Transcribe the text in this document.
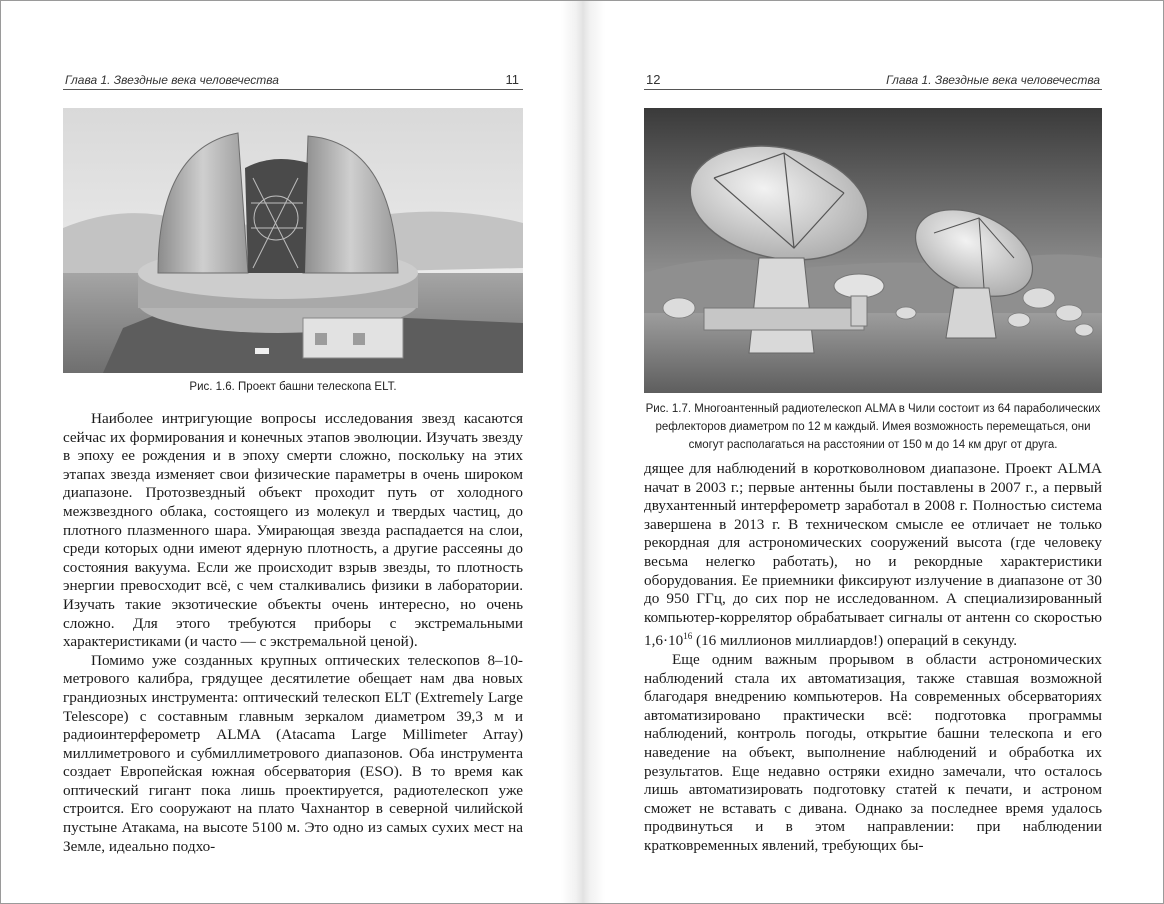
Глава 1. Звездные века человечества	11
Рис. 1.6. Проект башни телескопа ELT.

Наиболее интригующие вопросы исследования звезд касаются сейчас их формирования и конечных этапов эволюции. Изучать звезду в эпоху ее рождения и в эпоху смерти сложно, поскольку на этих этапах звезда изменяет свои физические параметры в очень широком диапазоне. Протозвездный объект проходит путь от холодного межзвездного облака, состоящего из молекул и твердых частиц, до плотного плазменного шара. Умирающая звезда распадается на слои, среди которых одни имеют ядерную плотность, а другие рассеяны до состояния вакуума. Если же происходит взрыв звезды, то плотность энергии превосходит всё, с чем сталкивались физики в лаборатории. Изучать такие экзотические объекты очень интересно, но очень сложно. Для этого требуются приборы с экстремальными характеристиками (и часто — с экстремальной ценой).

Помимо уже созданных крупных оптических телескопов 8–10-метрового калибра, грядущее десятилетие обещает нам два новых грандиозных инструмента: оптический телескоп ELT (Extremely Large Telescope) с составным главным зеркалом диаметром 39,3 м и радиоинтерферометр ALMA (Atacama Large Millimeter Array) миллиметрового и субмиллиметрового диапазонов. Оба инструмента создает Европейская южная обсерватория (ESO). В то время как оптический гигант пока лишь проектируется, радиотелескоп уже строится. Его сооружают на плато Чахнантор в северной чилийской пустыне Атакама, на высоте 5100 м. Это одно из самых сухих мест на Земле, идеально подхо-

12	Глава 1. Звездные века человечества
Рис. 1.7. Многоантенный радиотелескоп ALMA в Чили состоит из 64 параболических рефлекторов диаметром по 12 м каждый. Имея возможность перемещаться, они смогут располагаться на расстоянии от 150 м до 14 км друг от друга.

дящее для наблюдений в коротковолновом диапазоне. Проект ALMA начат в 2003 г.; первые антенны были поставлены в 2007 г., а первый двухантенный интерферометр заработал в 2008 г. Полностью система завершена в 2013 г. В техническом смысле ее отличает не только рекордная для астрономических сооружений высота (где человеку весьма нелегко работать), но и рекордные характеристики оборудования. Ее приемники фиксируют излучение в диапазоне от 30 до 950 ГГц, до сих пор не исследованном. А специализированный компьютер-коррелятор обрабатывает сигналы от антенн со скоростью $1,6\cdot 10^{16}$ (16 миллионов миллиардов!) операций в секунду.

Еще одним важным прорывом в области астрономических наблюдений стала их автоматизация, также ставшая возможной благодаря внедрению компьютеров. На современных обсерваториях автоматизировано практически всё: подготовка программы наблюдений, контроль погоды, открытие башни телескопа и его наведение на объект, выполнение наблюдений и обработка их результатов. Еще недавно остряки ехидно замечали, что осталось лишь автоматизировать подготовку статей к печати, и астроном сможет не вставать с дивана. Однако за последнее время удалось продвинуться и в этом направлении: при наблюдении кратковременных явлений, требующих бы-
